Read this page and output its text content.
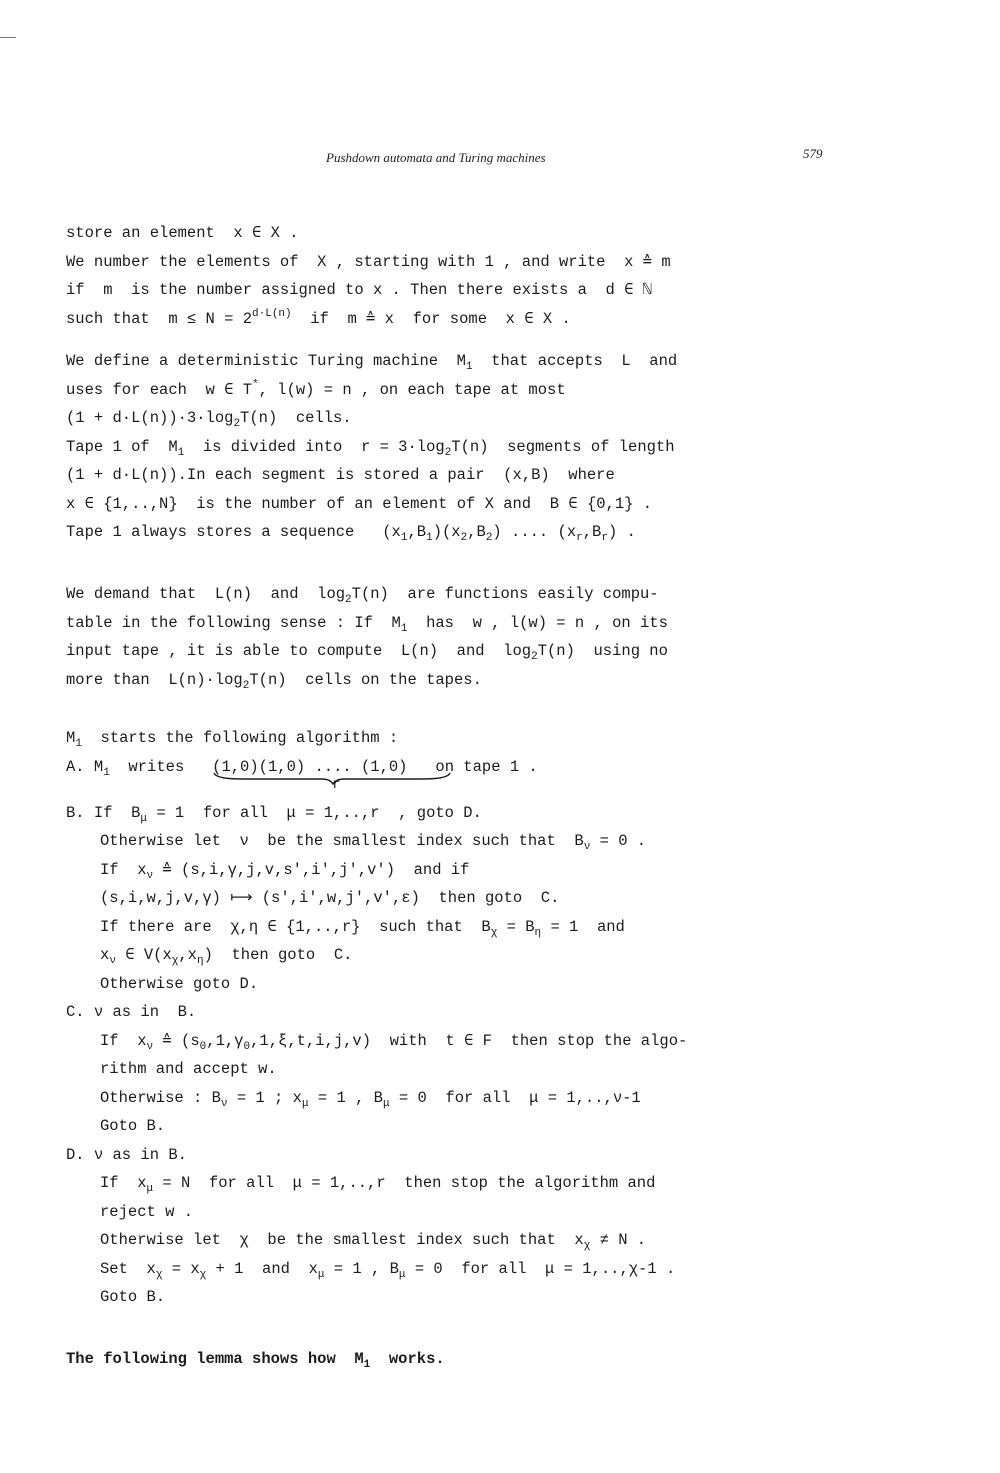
Pushdown automata and Turing machines	579
store an element  x ∈ X .
We number the elements of  X , starting with 1 , and write  x ≙ m
if  m  is the number assigned to x . Then there exists a  d ∈ ℕ
such that  $m \le N = 2^{d\cdot L(n)}$  if  m ≙ x  for some  x ∈ X .
We define a deterministic Turing machine  $M_1$  that accepts  L  and
uses for each  w ∈ T*, l(w) = n , on each tape at most
$(1 + d\cdot L(n))\cdot 3\cdot\log_2T(n)$  cells.
Tape 1 of  $M_1$  is divided into  $r = 3\cdot\log_2T(n)$  segments of length
(1 + d·L(n)).In each segment is stored a pair  (x,B)  where
x ∈ {1,..,N}  is the number of an element of X and  B ∈ {0,1} .
Tape 1 always stores a sequence   $(x_1,B_1)(x_2,B_2)$ .... $(x_r,B_r)$ .
We demand that  L(n)  and  $\log_2T(n)$  are functions easily compu-
table in the following sense : If  $M_1$  has  w , l(w) = n , on its
input tape , it is able to compute  L(n)  and  $\log_2T(n)$  using no
more than  $L(n)\cdot\log_2T(n)$  cells on the tapes.
$M_1$  starts the following algorithm :
A. $M_1$  writes   (1,0)(1,0) .... (1,0)
r
on tape 1 .
B. If  $B_\mu = 1$  for all  μ = 1,..,r  , goto D.
Otherwise let  ν  be the smallest index such that  $B_\nu = 0$ .
If  $x_\nu$ ≙ (s,i,γ,j,v,s',i',j',v')  and if
(s,i,w,j,v,γ) ⟼ (s',i',w,j',v',ε)  then goto  C.
If there are  χ,η ∈ {1,..,r}  such that  $B_\chi = B_\eta = 1$  and
$x_\nu$ ∈ $V(x_\chi,x_\eta)$  then goto  C.
Otherwise goto D.
C. ν as in  B.
If  $x_\nu$ ≙ $(s_0,1,\gamma_0,1,\xi,t,i,j,v)$  with  t ∈ F  then stop the algo-
rithm and accept w.
Otherwise : $B_\nu = 1$ ; $x_\mu = 1$ , $B_\mu = 0$  for all  μ = 1,..,ν-1
Goto B.
D. ν as in B.
If  $x_\mu = N$  for all  μ = 1,..,r  then stop the algorithm and
reject w .
Otherwise let  χ  be the smallest index such that  $x_\chi \ne N$ .
Set  $x_\chi = x_\chi + 1$  and  $x_\mu = 1$ , $B_\mu = 0$  for all  μ = 1,..,χ-1 .
Goto B.
The following lemma shows how  $M_1$  works.
